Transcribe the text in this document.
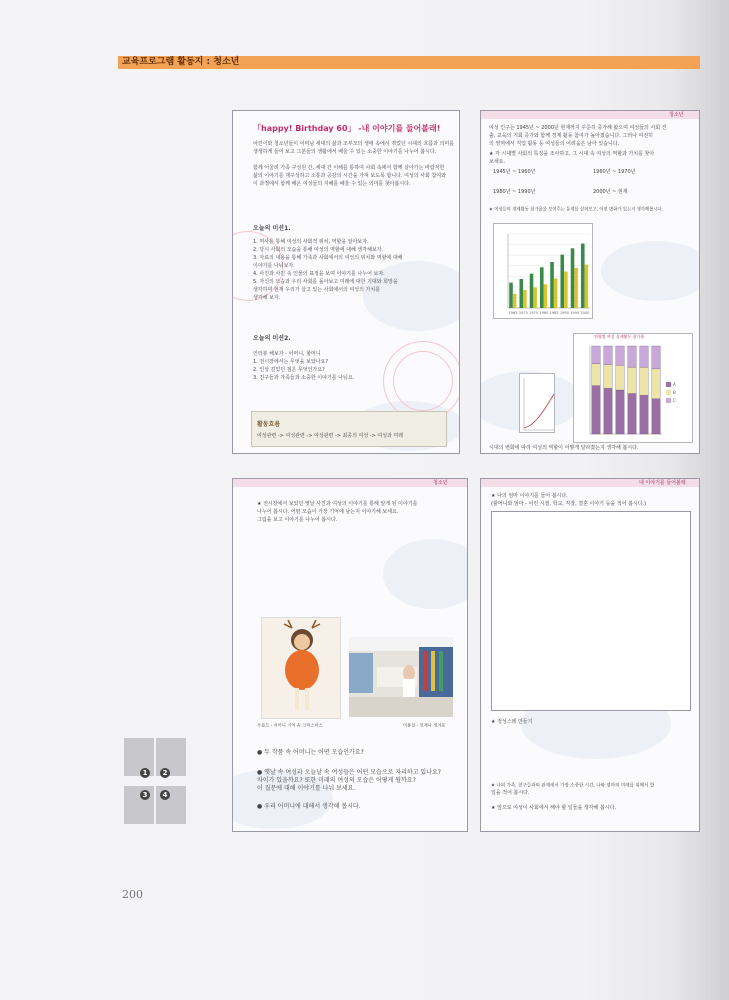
교육프로그램 활동지 : 청소년
「happy! Birthday 60」 -내 이야기를 들어볼래!
어린이와 청소년들이 어머님 세대의 삶과 조부모의 생애 속에서 겪었던 시대의 흐름과 의미를
생생하게 들어 보고 그분들의 생활에서 배울 수 있는 소중한 이야기를 나누어 봅시다.
함께 어울려 가족 구성원 간, 세대 간 이해를 통하여 사회 속에서 함께 살아가는 바람직한
삶의 이야기를 재구성하고 소통과 공감의 시간을 가져 보도록 합니다. 여성의 사회 참여와
이 과정에서 함께 해온 여성들의 지혜를 배울 수 있는 의미를 찾아봅시다.
오늘의 미션1.
1. 역사를 통해 여성의 사회적 위치, 역할을 알아보자.
2. 당시 사회의 모습을 통해 여성의 역할에 대해 생각해보자.
3. 자료의 내용을 통해 가족과 사회에서의 여성의 위치와 역할에 대해
이야기를 나눠보자.
4. 사진과 사진 속 인물의 표정을 보며 이야기를 나누어 보자.
5. 자신의 모습과 우리 사회를 돌아보고 미래에 대한 기대와 희망을
생각하며 현재 우리가 살고 있는 사회에서의 여성의 가치를
생각해 보자.
오늘의 미션2.
인터뷰 해보자 - 어머니, 할머니
1. 전시장에서는 무엇을 보았나요?
2. 인상 깊었던 점은 무엇인가요?
3. 친구들과 가족들과 소중한 이야기를 나눠요.
활동흐름
여성관련 -> 여성관련 -> 여성관련 -> 최종의 여성 -> 여성과 미래
청소년
여성 인구는 1945년 ~ 2000년 현재까지 꾸준히 증가해 왔으며 여성들의 사회 진
출, 교육의 기회 증가와 함께 경제 활동 참여가 높아졌습니다. 그러나 여전히
의 영역에서 직업 활동 등 여성들의 어려움은 남아 있습니다.
★ 각 시대별 사회의 특징을 조사하고, 그 시대 속 여성의 역할과 가치를 찾아
보세요.
1945년 ~ 1960년	1960년 ~ 1970년
1980년 ~ 1990년	2000년 ~ 현재
★ 여성들의 경제활동 참가율을 보여주는 통계를 살펴보고, 어떤 변화가 있는지 생각해봅시다.
1965 1970 1975 1980 1985 1990 1995 2000
연령별 여성 경제활동 참가율
A
B
C
시대의 변화에 따라 여성의 역할이 어떻게 달라졌는지 생각해 봅시다.
청소년
★ 전시장에서 보았던 옛날 사진과 여성의 이야기를 통해 알게 된 이야기를
나누어 봅시다. 어떤 모습이 가장 기억에 남는지 이야기해 보세요.
그림을 보고 이야기를 나누어 봅시다.
루돌프 - 어머니 기억 속 크리스마스	미용실 - 언제나 정겨운
● 두 작품 속 어머니는 어떤 모습인가요?
● 옛날 속 여성과 오늘날 속 여성들은 어떤 모습으로 자리하고 있나요?
차이가 있을까요? 또한 미래의 여성의 모습은 어떻게 될까요?
이 질문에 대해 이야기를 나눠 보세요.
● 우리 어머니에 대해서 생각해 봅시다.
내 이야기를 들어볼래
★ 나의 엄마 이야기를 들어 봅시다.
(할머니와 엄마 - 어린 시절, 학교, 직장, 결혼 이야기 등을 적어 봅시다.)
★ 정성스레 만들기
★ 나의 가족, 친구들과의 관계에서 가장 소중한 시간, 나와 엄마의 미래를 위해서 할
일을 적어 봅시다.
★ 앞으로 여성이 사회에서 해야 할 일들을 생각해 봅시다.
1	2
3	4
200
